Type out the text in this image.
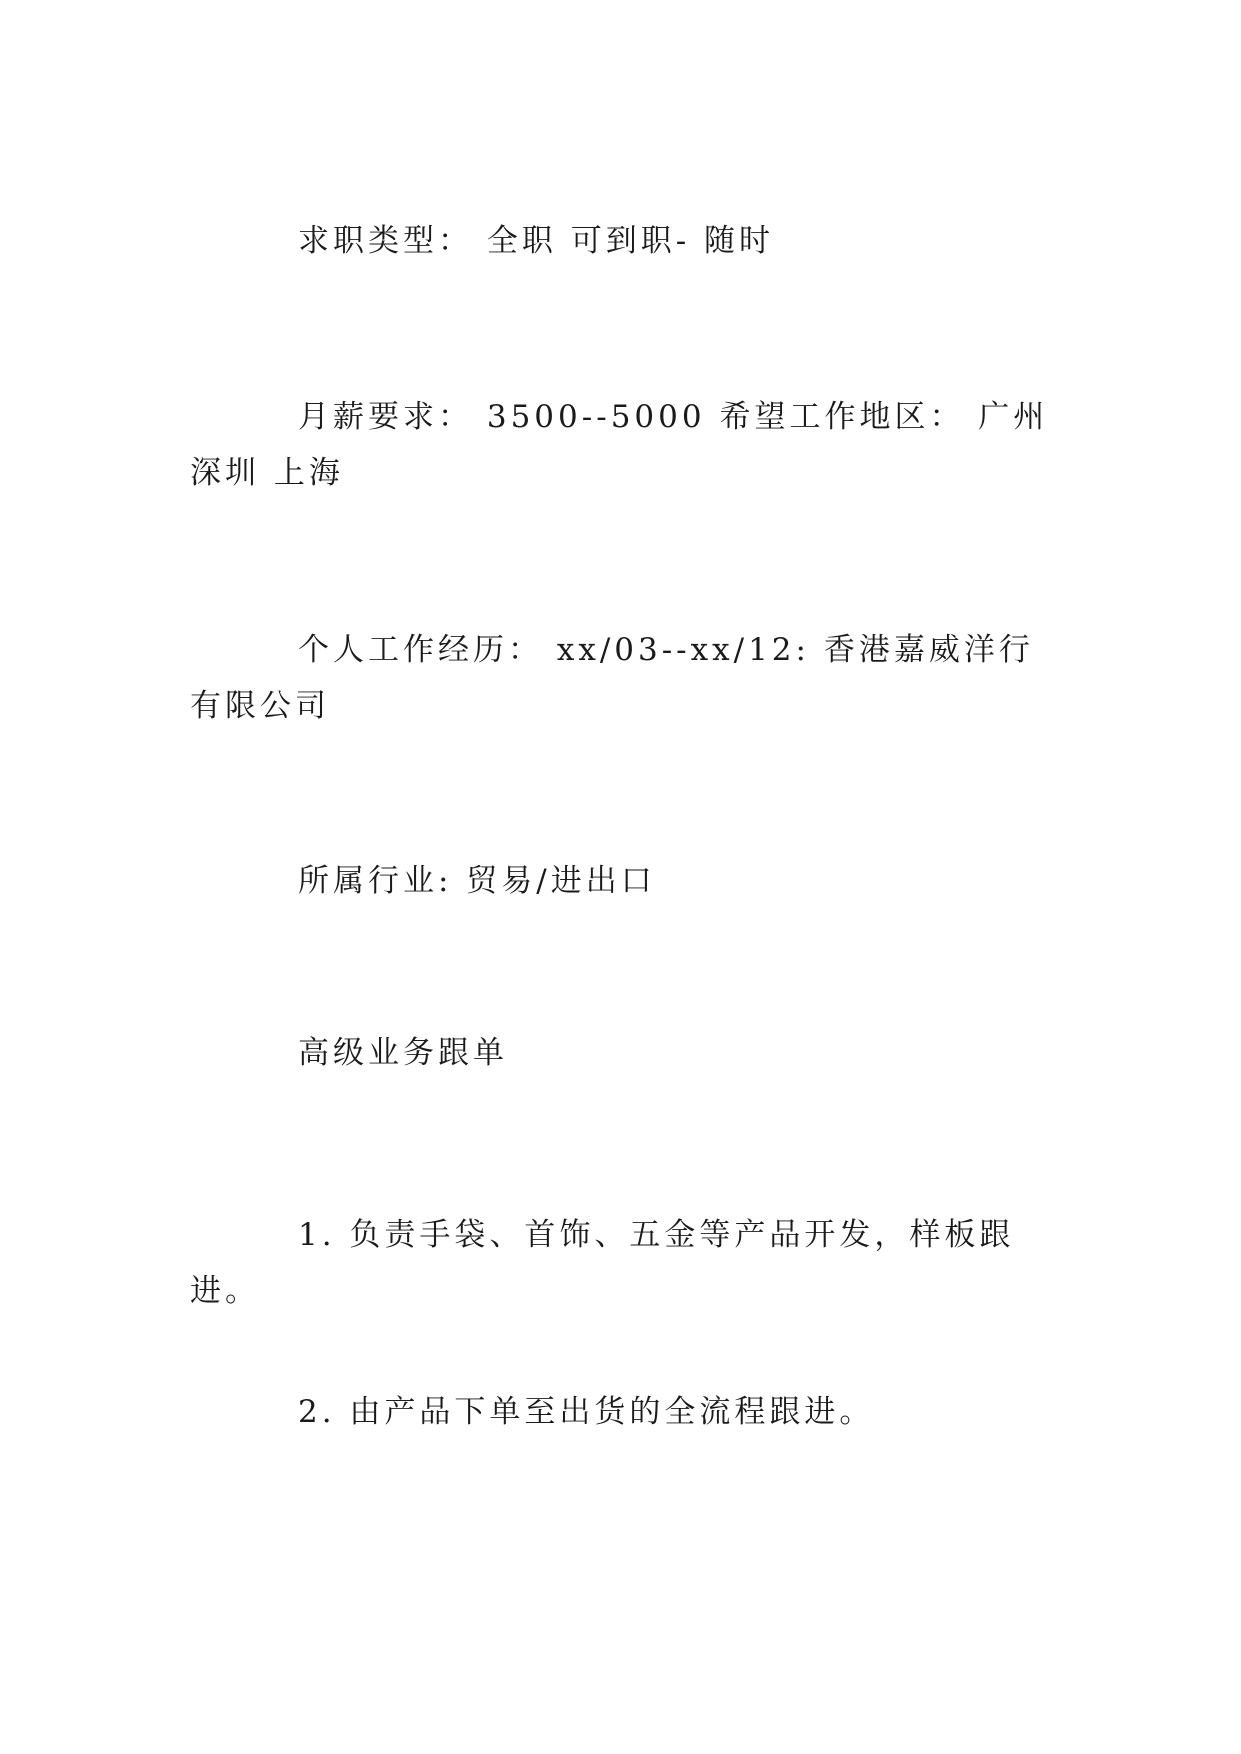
求职类型： 全职 可到职- 随时

月薪要求： 3500--5000 希望工作地区： 广州 深圳 上海

个人工作经历： xx/03--xx/12: 香港嘉威洋行有限公司

所属行业: 贸易/进出口

高级业务跟单

1. 负责手袋、首饰、五金等产品开发，样板跟进。

2. 由产品下单至出货的全流程跟进。
